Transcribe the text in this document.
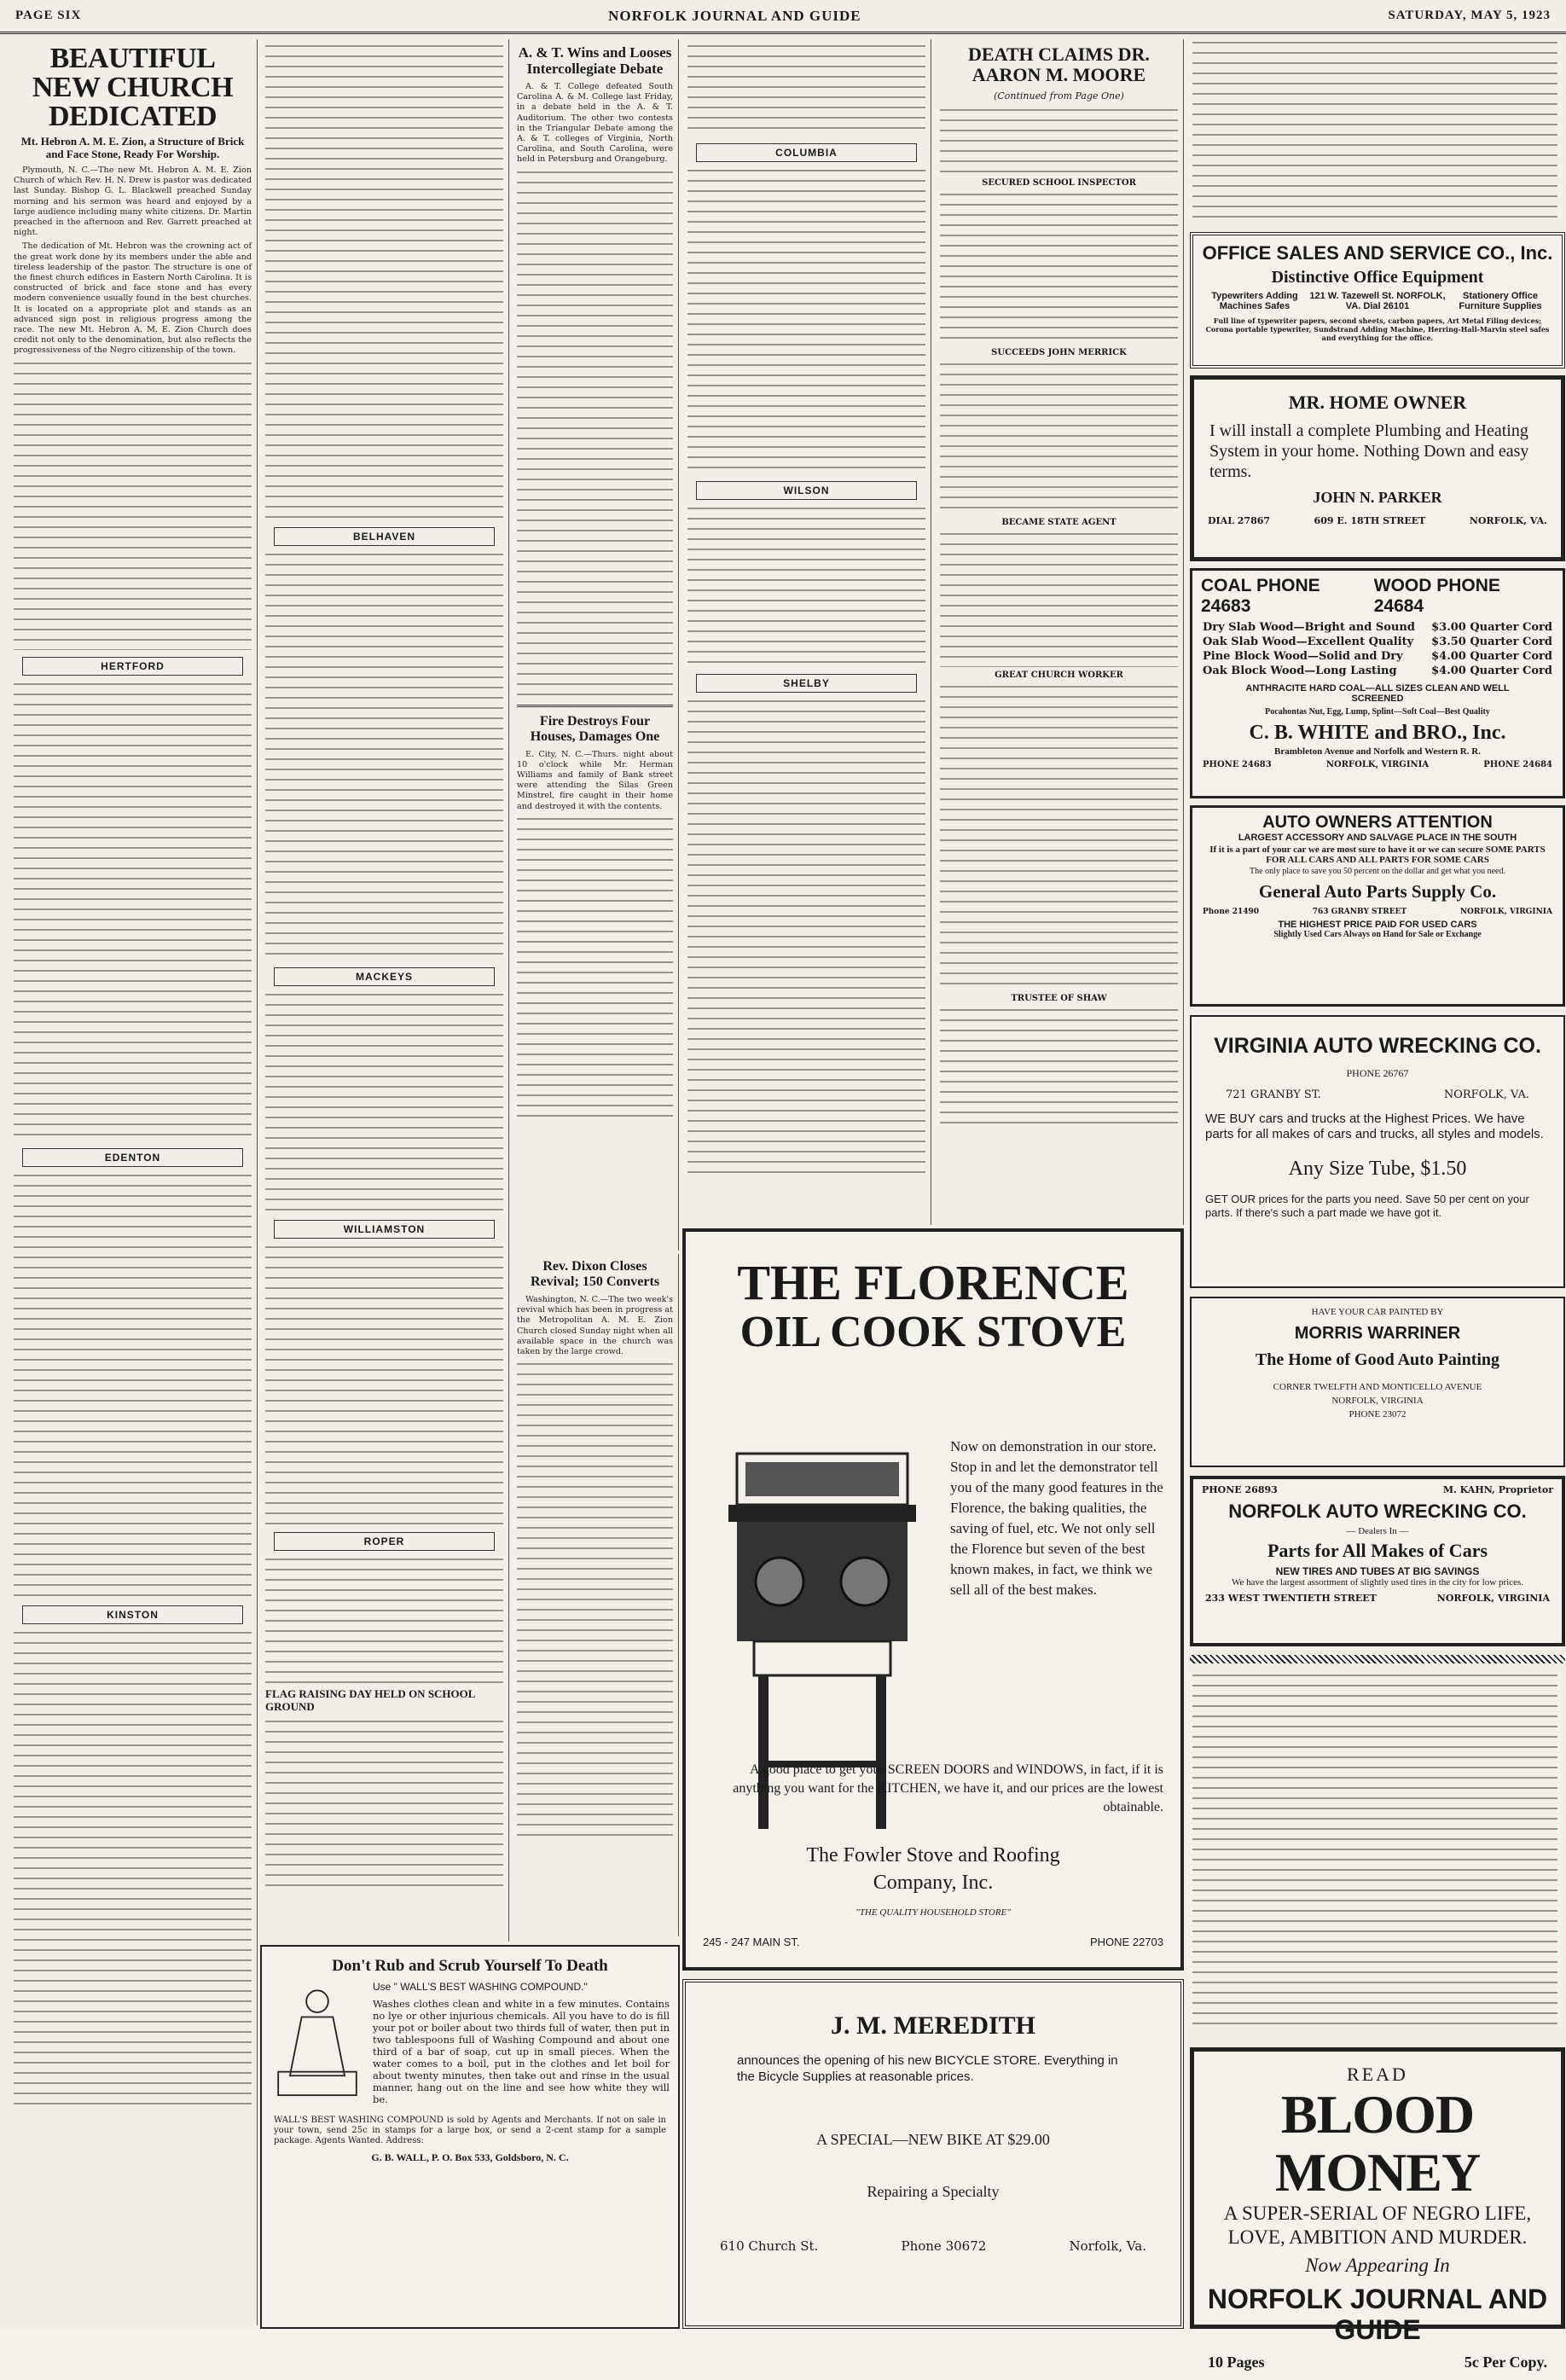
PAGE SIX	NORFOLK JOURNAL AND GUIDE	SATURDAY, MAY 5, 1923
BEAUTIFUL NEW CHURCH DEDICATED
Mt. Hebron A. M. E. Zion, a Structure of Brick and Face Stone, Ready For Worship.
Plymouth, N. C.—The new Mt. Hebron A. M. E. Zion Church of which Rev. H. N. Drew is pastor was dedicated last Sunday. Bishop G. L. Blackwell preached Sunday morning and his sermon was heard and enjoyed by a large audience including many white citizens. Dr. Martin preached in the afternoon and Rev. Garrett preached at night.
The dedication of Mt. Hebron was the crowning act of the great work done by its members under the able and tireless leadership of the pastor. The structure is one of the finest church edifices in Eastern North Carolina. It is constructed of brick and face stone and has every modern convenience usually found in the best churches. It is located on a appropriate plot and stands as an advanced sign post in religious progress among the race. The new Mt. Hebron A. M. E. Zion Church does credit not only to the denomination, but also reflects the progressiveness of the Negro citizenship of the town.
HERTFORD
EDENTON
KINSTON
BELHAVEN
MACKEYS
WILLIAMSTON
ROPER
FLAG RAISING DAY HELD ON SCHOOL GROUND
A. & T. Wins and Looses Intercollegiate Debate
A. & T. College defeated South Carolina A. & M. College last Friday, in a debate held in the A. & T. Auditorium. The other two contests in the Triangular Debate among the A. & T. colleges of Virginia, North Carolina, and South Carolina, were held in Petersburg and Orangeburg.
Fire Destroys Four Houses, Damages One
E. City, N. C.—Thurs. night about 10 o'clock while Mr. Herman Williams and family of Bank street were attending the Silas Green Minstrel, fire caught in their home and destroyed it with the contents.
Rev. Dixon Closes Revival; 150 Converts
Washington, N. C.—The two week's revival which has been in progress at the Metropolitan A. M. E. Zion Church closed Sunday night when all available space in the church was taken by the large crowd.
COLUMBIA
WILSON
SHELBY
DEATH CLAIMS DR. AARON M. MOORE
(Continued from Page One)
SECURED SCHOOL INSPECTOR
SUCCEEDS JOHN MERRICK
BECAME STATE AGENT
GREAT CHURCH WORKER
TRUSTEE OF SHAW
OFFICE SALES AND SERVICE CO., Inc.
Distinctive Office Equipment
Typewriters Adding Machines Safes
121 W. Tazewell St. NORFOLK, VA. Dial 26101
Stationery Office Furniture Supplies
Full line of typewriter papers, second sheets, carbon papers, Art Metal Filing devices; Corona portable typewriter, Sundstrand Adding Machine, Herring-Hall-Marvin steel safes and everything for the office.
MR. HOME OWNER
I will install a complete Plumbing and Heating System in your home. Nothing Down and easy terms.
JOHN N. PARKER
DIAL 27867	609 E. 18TH STREET	NORFOLK, VA.
COAL PHONE 24683
WOOD PHONE 24684
Dry Slab Wood—Bright and Sound $3.00 Quarter Cord
Oak Slab Wood—Excellent Quality $3.50 Quarter Cord
Pine Block Wood—Solid and Dry	$4.00 Quarter Cord
Oak Block Wood—Long Lasting	$4.00 Quarter Cord
ANTHRACITE HARD COAL—ALL SIZES CLEAN AND WELL SCREENED
Pocahontas Nut, Egg, Lump, Splint—Soft Coal—Best Quality
C. B. WHITE and BRO., Inc.
Brambleton Avenue and Norfolk and Western R. R.
PHONE 24683	NORFOLK, VIRGINIA	PHONE 24684
AUTO OWNERS ATTENTION
LARGEST ACCESSORY AND SALVAGE PLACE IN THE SOUTH
If it is a part of your car we are most sure to have it or we can secure SOME PARTS FOR ALL CARS AND ALL PARTS FOR SOME CARS
The only place to save you 50 percent on the dollar and get what you need.
General Auto Parts Supply Co.
Phone 21490	763 GRANBY STREET	NORFOLK, VIRGINIA
THE HIGHEST PRICE PAID FOR USED CARS
Slightly Used Cars Always on Hand for Sale or Exchange
VIRGINIA AUTO WRECKING CO.
PHONE 26767
721 GRANBY ST.	NORFOLK, VA.
WE BUY cars and trucks at the Highest Prices. We have parts for all makes of cars and trucks, all styles and models.
Any Size Tube, $1.50
GET OUR prices for the parts you need. Save 50 per cent on your parts. If there's such a part made we have got it.
HAVE YOUR CAR PAINTED BY
MORRIS WARRINER
The Home of Good Auto Painting
CORNER TWELFTH AND MONTICELLO AVENUE
NORFOLK, VIRGINIA
PHONE 23072
PHONE 26893	M. KAHN, Proprietor
NORFOLK AUTO WRECKING CO.
— Dealers In —
Parts for All Makes of Cars
NEW TIRES AND TUBES AT BIG SAVINGS
We have the largest assortment of slightly used tires in the city for low prices.
233 WEST TWENTIETH STREET	NORFOLK, VIRGINIA
THE FLORENCE
OIL COOK STOVE
Now on demonstration in our store. Stop in and let the demonstrator tell you of the many good features in the Florence, the baking qualities, the saving of fuel, etc. We not only sell the Florence but seven of the best known makes, in fact, we think we sell all of the best makes.
A good place to get your SCREEN DOORS and WINDOWS, in fact, if it is anything you want for the KITCHEN, we have it, and our prices are the lowest obtainable.
The Fowler Stove and Roofing
Company, Inc.
"THE QUALITY HOUSEHOLD STORE"
245 - 247 MAIN ST.	PHONE 22703
Don't Rub and Scrub Yourself To Death
Use " WALL'S BEST WASHING COMPOUND."
Washes clothes clean and white in a few minutes. Contains no lye or other injurious chemicals. All you have to do is fill your pot or boiler about two thirds full of water, then put in two tablespoons full of Washing Compound and about one third of a bar of soap, cut up in small pieces. When the water comes to a boil, put in the clothes and let boil for about twenty minutes, then take out and rinse in the usual manner, hang out on the line and see how white they will be.
WALL'S BEST WASHING COMPOUND is sold by Agents and Merchants. If not on sale in your town, send 25c in stamps for a large box, or send a 2-cent stamp for a sample package. Agents Wanted. Address:
G. B. WALL, P. O. Box 533, Goldsboro, N. C.
J. M. MEREDITH
announces the opening of his new BICYCLE STORE. Everything in the Bicycle Supplies at reasonable prices.
A SPECIAL—NEW BIKE AT $29.00
Repairing a Specialty
610 Church St.	Phone 30672	Norfolk, Va.
READ
BLOOD MONEY
A SUPER-SERIAL OF NEGRO LIFE,
LOVE, AMBITION AND MURDER.
Now Appearing In
NORFOLK JOURNAL AND GUIDE
10 Pages	5c Per Copy.
